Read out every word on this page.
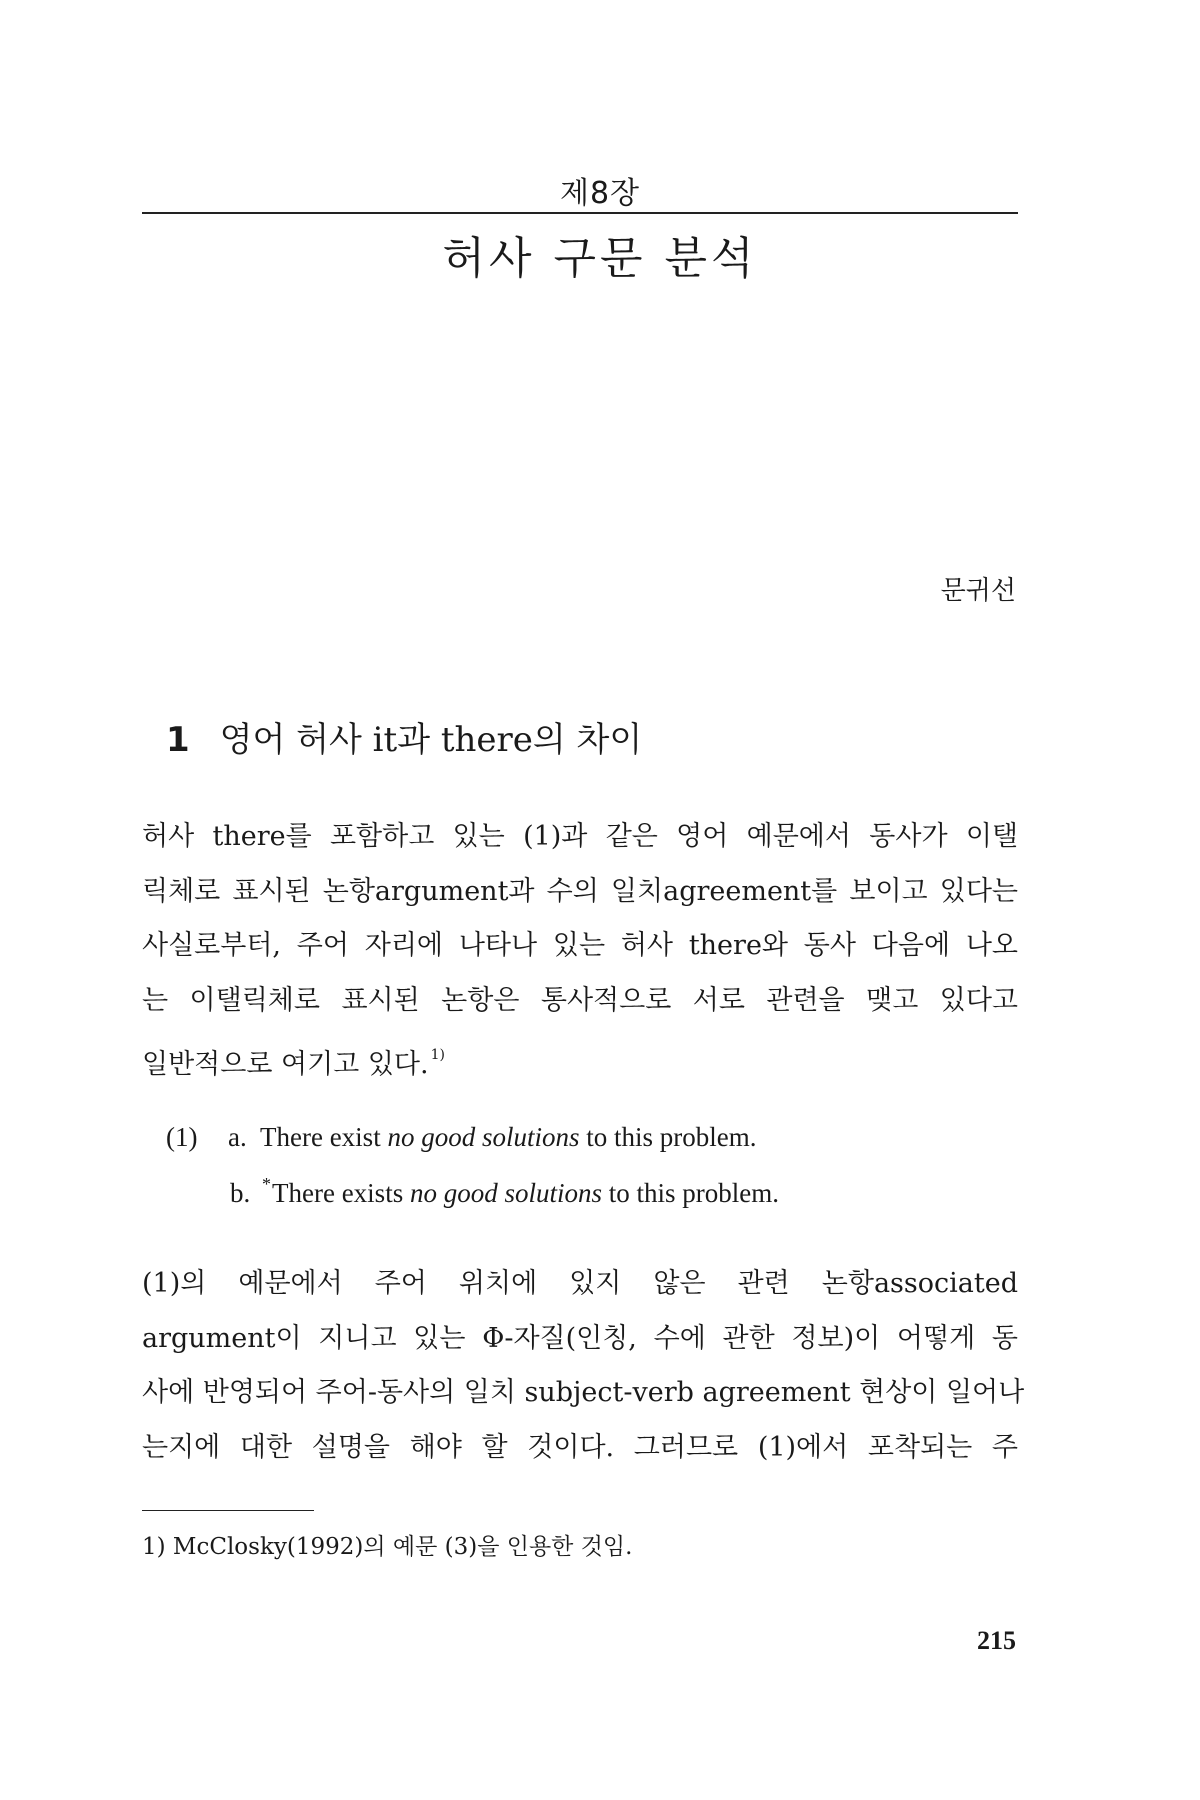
제8장
허사 구문 분석
문귀선
1 영어 허사 it과 there의 차이
허사 there를 포함하고 있는 (1)과 같은 영어 예문에서 동사가 이탤
릭체로 표시된 논항argument과 수의 일치agreement를 보이고 있다는
사실로부터, 주어 자리에 나타나 있는 허사 there와 동사 다음에 나오
는 이탤릭체로 표시된 논항은 통사적으로 서로 관련을 맺고 있다고
일반적으로 여기고 있다. $^{1)}$
(1) a. There exist no good solutions to this problem.
b. *There exists no good solutions to this problem.
(1)의 예문에서 주어 위치에 있지 않은 관련 논항associated
argument이 지니고 있는 Φ-자질(인칭, 수에 관한 정보)이 어떻게 동
사에 반영되어 주어-동사의 일치 subject-verb agreement 현상이 일어나
는지에 대한 설명을 해야 할 것이다. 그러므로 (1)에서 포착되는 주
1) McClosky(1992)의 예문 (3)을 인용한 것임.
215
